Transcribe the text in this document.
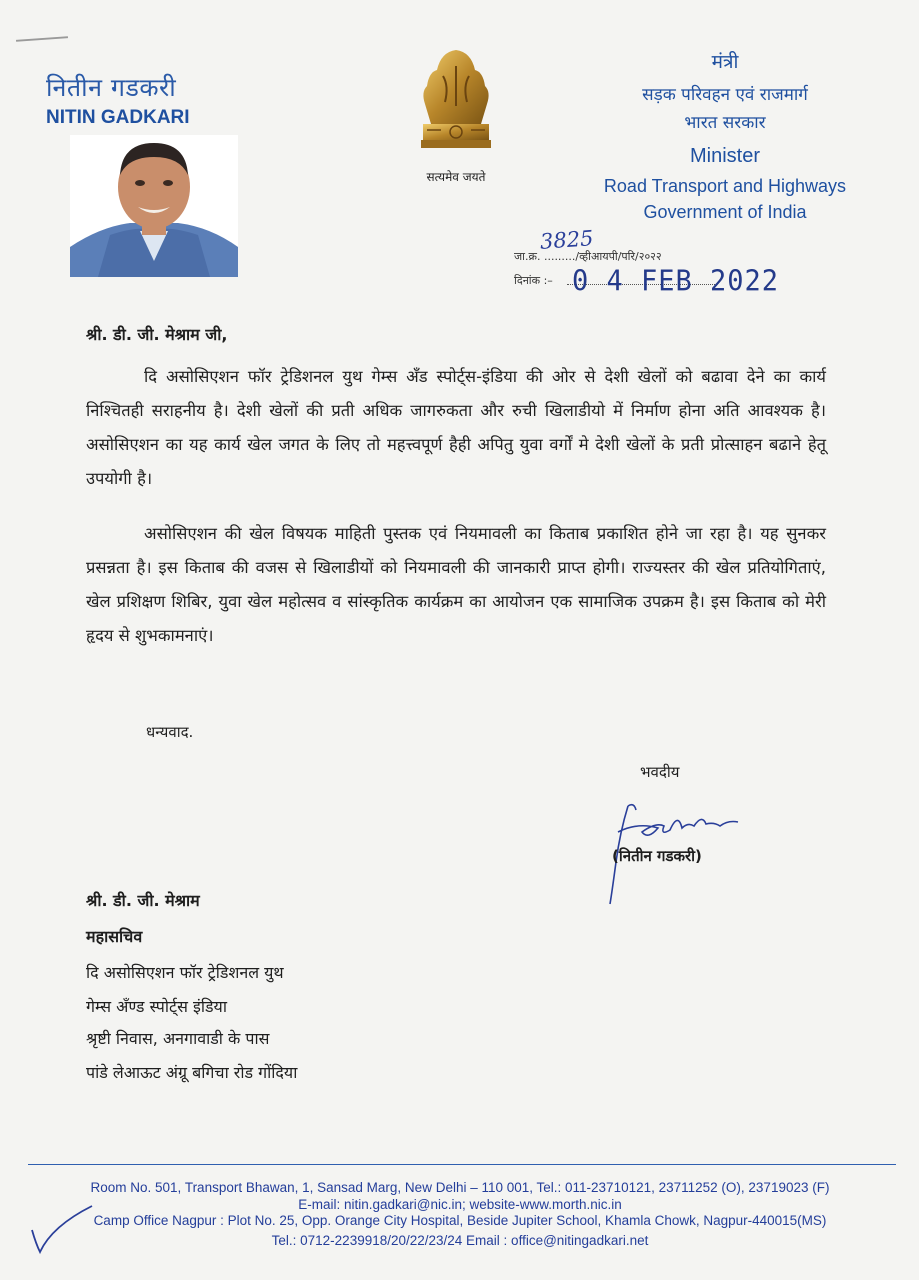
नितीन गडकरी
NITIN GADKARI
सत्यमेव जयते
मंत्री
सड़क परिवहन एवं राजमार्ग
भारत सरकार
Minister
Road Transport and Highways
Government of India
जा.क्र. ........./व्हीआयपी/परि/२०२२
3825
दिनांक :– 0 4 FEB 2022
श्री. डी. जी. मेश्राम जी,
दि असोसिएशन फॉर ट्रेडिशनल युथ गेम्स अँड स्पोर्ट्स-इंडिया की ओर से देशी खेलों को बढावा देने का कार्य निश्चितही सराहनीय है। देशी खेलों की प्रती अधिक जागरुकता और रुची खिलाडीयो में निर्माण होना अति आवश्यक है। असोसिएशन का यह कार्य खेल जगत के लिए तो महत्त्वपूर्ण हैही अपितु युवा वर्गों मे देशी खेलों के प्रती प्रोत्साहन बढाने हेतू उपयोगी है।
असोसिएशन की खेल विषयक माहिती पुस्तक एवं नियमावली का किताब प्रकाशित होने जा रहा है। यह सुनकर प्रसन्नता है। इस किताब की वजस से खिलाडीयों को नियमावली की जानकारी प्राप्त होगी। राज्यस्तर की खेल प्रतियोगिताएं, खेल प्रशिक्षण शिबिर, युवा खेल महोत्सव व सांस्कृतिक कार्यक्रम का आयोजन एक सामाजिक उपक्रम है। इस किताब को मेरी हृदय से शुभकामनाएं।
धन्यवाद.
भवदीय
(नितीन गडकरी)
श्री. डी. जी. मेश्राम
महासचिव
दि असोसिएशन फॉर ट्रेडिशनल युथ
गेम्स अँण्ड स्पोर्ट्स इंडिया
श्रृष्टी निवास, अनगावाडी के पास
पांडे लेआऊट अंग्रू बगिचा रोड गोंदिया
Room No. 501, Transport Bhawan, 1, Sansad Marg, New Delhi – 110 001, Tel.: 011-23710121, 23711252 (O), 23719023 (F)
E-mail: nitin.gadkari@nic.in; website-www.morth.nic.in
Camp Office Nagpur : Plot No. 25, Opp. Orange City Hospital, Beside Jupiter School, Khamla Chowk, Nagpur-440015(MS)
Tel.: 0712-2239918/20/22/23/24 Email : office@nitingadkari.net
